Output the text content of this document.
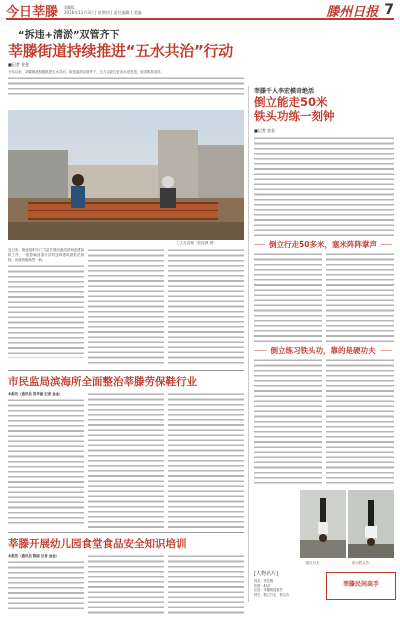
今日莘滕 第8版
2016年11月3日 | 星期四 | 责任编辑 | 美编	滕州日报 7
“拆违+清淤”双管齐下
莘滕街道持续推进“五水共治”行动
■记者 金金
今年以来，莘滕街道积极推进五水共治，拆违清淤双管齐下，全力以赴打好治水攻坚战，取得明显成效。
工人在清理（张振洲 摄）
连日来，街道组织专门力量开展河道清淤和违建拆除工作，一批影响河道行洪的违章建筑被依法拆除，河道面貌焕然一新。
莘滕千人李宏模奇绝活
倒立能走50米
铁头功练一刻钟
■记者 金金
倒立行走50多米，塞米阵阵掌声
倒立练习铁头功，靠的是硬功夫
倒立行走	练习铁头功
[人物名片]
姓名：李宏模
年龄：45岁
住址：莘滕街道某村
特长：倒立行走、铁头功
莘滕民间高手
· · · · · · · · ·
市民监局滨海所全面整治莘滕劳保鞋行业
本报讯（通讯员 范华丽 记者 金金）
莘滕开展幼儿园食堂食品安全知识培训
本报讯（通讯员 陈丽 记者 金金）
